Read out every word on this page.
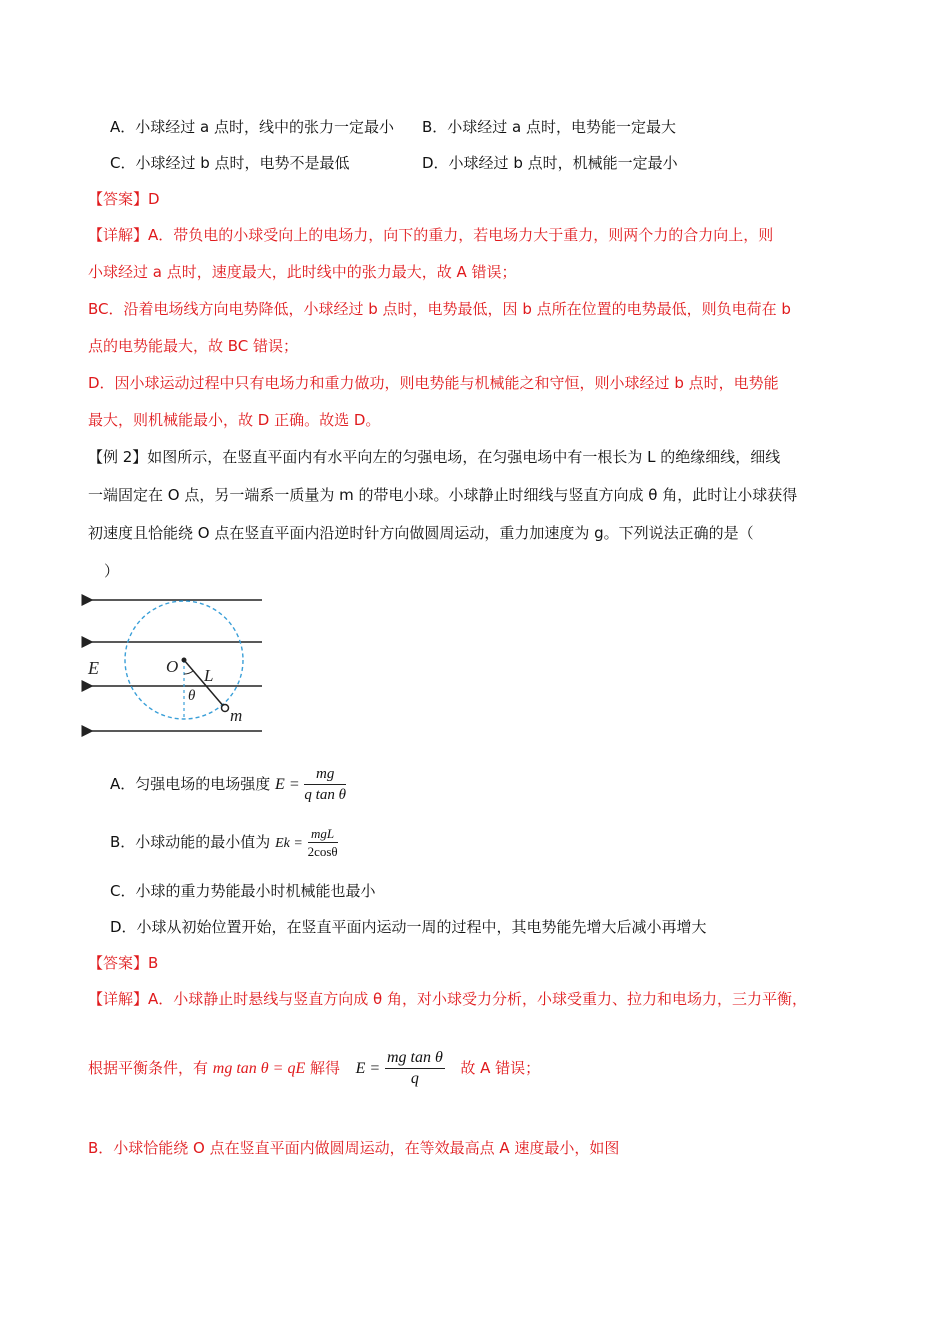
A．小球经过 a 点时，线中的张力一定最小 B．小球经过 a 点时，电势能一定最大
C．小球经过 b 点时，电势不是最低	D．小球经过 b 点时，机械能一定最小
【答案】D
【详解】A．带负电的小球受向上的电场力，向下的重力，若电场力大于重力，则两个力的合力向上，则
小球经过 a 点时，速度最大，此时线中的张力最大，故 A 错误；
BC．沿着电场线方向电势降低，小球经过 b 点时，电势最低，因 b 点所在位置的电势最低，则负电荷在 b
点的电势能最大，故 BC 错误；
D．因小球运动过程中只有电场力和重力做功，则电势能与机械能之和守恒，则小球经过 b 点时，电势能
最大，则机械能最小，故 D 正确。故选 D。
【例 2】如图所示，在竖直平面内有水平向左的匀强电场，在匀强电场中有一根长为 L 的绝缘细线，细线
一端固定在 O 点，另一端系一质量为 m 的带电小球。小球静止时细线与竖直方向成 θ 角，此时让小球获得
初速度且恰能绕 O 点在竖直平面内沿逆时针方向做圆周运动，重力加速度为 g。下列说法正确的是（
）
E	O L
θ
m
A．匀强电场的电场强度 $E = \frac{mg}{\text{q tan θ}}$
B．小球动能的最小值为 $Ek = \frac{\text{mgL}}{2\cos\theta}$
C．小球的重力势能最小时机械能也最小
D．小球从初始位置开始，在竖直平面内运动一周的过程中，其电势能先增大后减小再增大
【答案】B
【详解】A．小球静止时悬线与竖直方向成 θ 角，对小球受力分析，小球受重力、拉力和电场力，三力平衡，
根据平衡条件，有 mg tan θ = qE 解得 $E = \frac{\text{mg tan θ}}{q}$ 故 A 错误；
B．小球恰能绕 O 点在竖直平面内做圆周运动，在等效最高点 A 速度最小，如图
